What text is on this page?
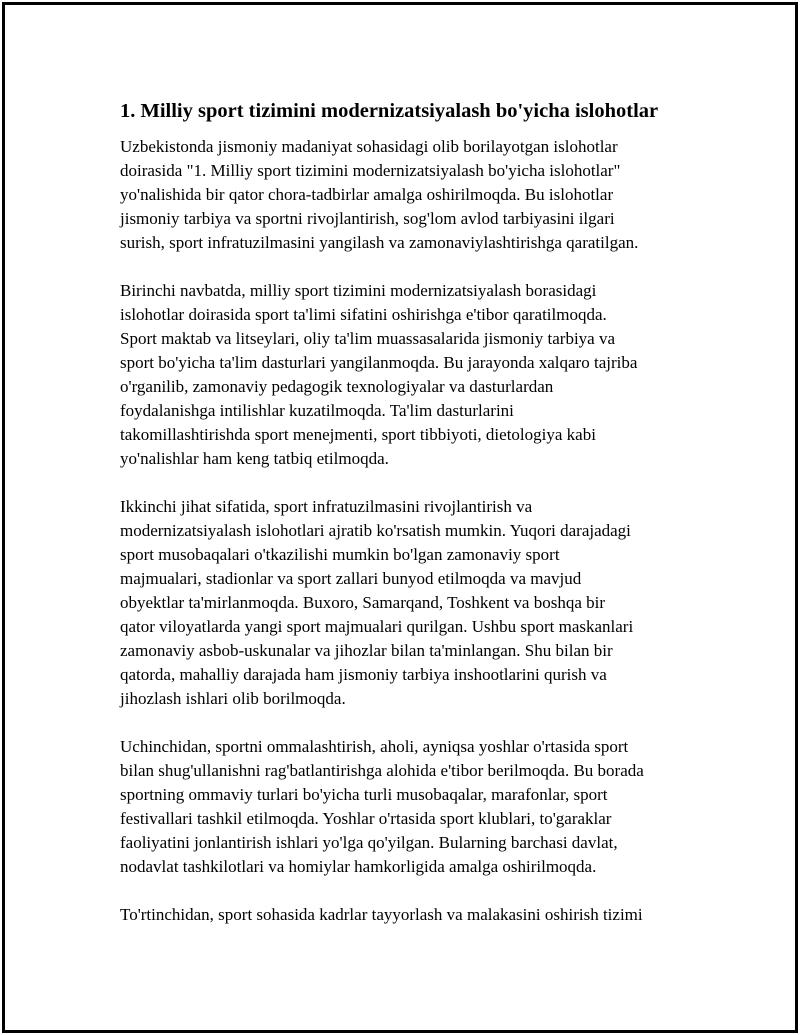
1. Milliy sport tizimini modernizatsiyalash bo'yicha islohotlar

Uzbekistonda jismoniy madaniyat sohasidagi olib borilayotgan islohotlar
doirasida "1. Milliy sport tizimini modernizatsiyalash bo'yicha islohotlar"
yo'nalishida bir qator chora-tadbirlar amalga oshirilmoqda. Bu islohotlar
jismoniy tarbiya va sportni rivojlantirish, sog'lom avlod tarbiyasini ilgari
surish, sport infratuzilmasini yangilash va zamonaviylashtirishga qaratilgan.

Birinchi navbatda, milliy sport tizimini modernizatsiyalash borasidagi
islohotlar doirasida sport ta'limi sifatini oshirishga e'tibor qaratilmoqda.
Sport maktab va litseylari, oliy ta'lim muassasalarida jismoniy tarbiya va
sport bo'yicha ta'lim dasturlari yangilanmoqda. Bu jarayonda xalqaro tajriba
o'rganilib, zamonaviy pedagogik texnologiyalar va dasturlardan
foydalanishga intilishlar kuzatilmoqda. Ta'lim dasturlarini
takomillashtirishda sport menejmenti, sport tibbiyoti, dietologiya kabi
yo'nalishlar ham keng tatbiq etilmoqda.

Ikkinchi jihat sifatida, sport infratuzilmasini rivojlantirish va
modernizatsiyalash islohotlari ajratib ko'rsatish mumkin. Yuqori darajadagi
sport musobaqalari o'tkazilishi mumkin bo'lgan zamonaviy sport
majmualari, stadionlar va sport zallari bunyod etilmoqda va mavjud
obyektlar ta'mirlanmoqda. Buxoro, Samarqand, Toshkent va boshqa bir
qator viloyatlarda yangi sport majmualari qurilgan. Ushbu sport maskanlari
zamonaviy asbob-uskunalar va jihozlar bilan ta'minlangan. Shu bilan bir
qatorda, mahalliy darajada ham jismoniy tarbiya inshootlarini qurish va
jihozlash ishlari olib borilmoqda.

Uchinchidan, sportni ommalashtirish, aholi, ayniqsa yoshlar o'rtasida sport
bilan shug'ullanishni rag'batlantirishga alohida e'tibor berilmoqda. Bu borada
sportning ommaviy turlari bo'yicha turli musobaqalar, marafonlar, sport
festivallari tashkil etilmoqda. Yoshlar o'rtasida sport klublari, to'garaklar
faoliyatini jonlantirish ishlari yo'lga qo'yilgan. Bularning barchasi davlat,
nodavlat tashkilotlari va homiylar hamkorligida amalga oshirilmoqda.

To'rtinchidan, sport sohasida kadrlar tayyorlash va malakasini oshirish tizimi
